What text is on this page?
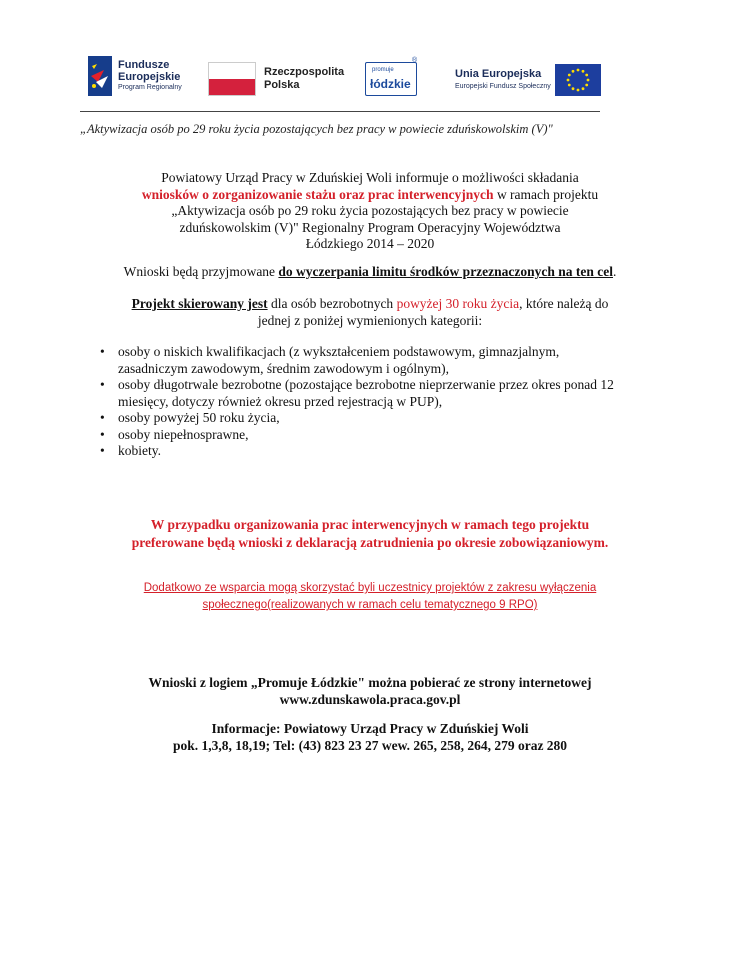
Fundusze
Europejskie
Program Regionalny
Rzeczpospolita
Polska
promuje
łódzkie
®
Unia Europejska
Europejski Fundusz Społeczny
„Aktywizacja osób po 29 roku życia pozostających bez pracy w powiecie zduńskowolskim (V)"
Powiatowy Urząd Pracy w Zduńskiej Woli informuje o możliwości składania
wniosków o zorganizowanie stażu oraz prac interwencyjnych w ramach projektu
„Aktywizacja osób po 29 roku życia pozostających bez pracy w powiecie
zduńskowolskim (V)" Regionalny Program Operacyjny Województwa
Łódzkiego 2014 – 2020
Wnioski będą przyjmowane do wyczerpania limitu środków przeznaczonych na ten cel.
Projekt skierowany jest dla osób bezrobotnych powyżej 30 roku życia, które należą do
jednej z poniżej wymienionych kategorii:
• osoby o niskich kwalifikacjach (z wykształceniem podstawowym, gimnazjalnym, zasadniczym zawodowym, średnim zawodowym i ogólnym),
• osoby długotrwale bezrobotne (pozostające bezrobotne nieprzerwanie przez okres ponad 12 miesięcy, dotyczy również okresu przed rejestracją w PUP),
• osoby powyżej 50 roku życia,
• osoby niepełnosprawne,
• kobiety.
W przypadku organizowania prac interwencyjnych w ramach tego projektu
preferowane będą wnioski z deklaracją zatrudnienia po okresie zobowiązaniowym.
Dodatkowo ze wsparcia mogą skorzystać byli uczestnicy projektów z zakresu wyłączenia
społecznego(realizowanych w ramach celu tematycznego 9 RPO)
Wnioski z logiem „Promuje Łódzkie" można pobierać ze strony internetowej
www.zdunskawola.praca.gov.pl
Informacje: Powiatowy Urząd Pracy w Zduńskiej Woli
pok. 1,3,8, 18,19; Tel: (43) 823 23 27 wew. 265, 258, 264, 279 oraz 280
